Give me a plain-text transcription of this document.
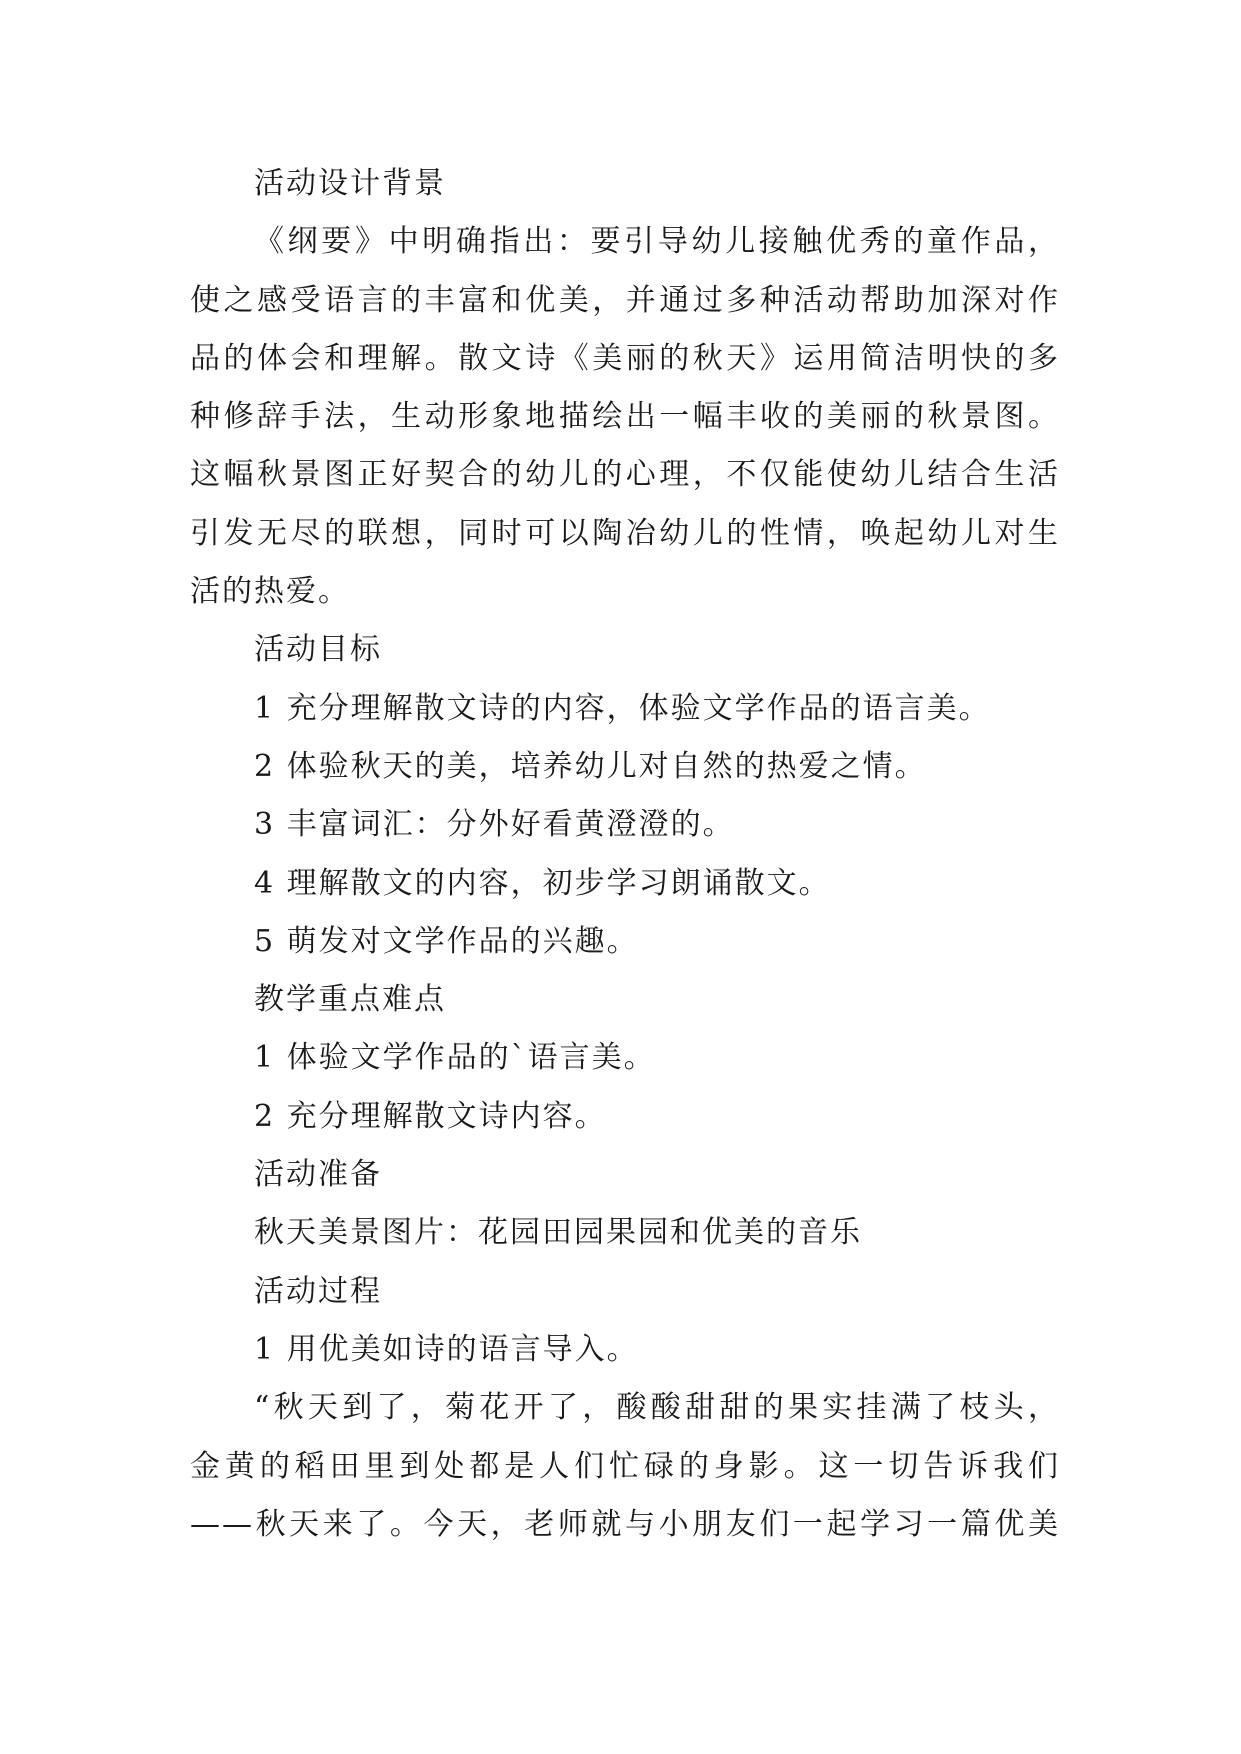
活动设计背景
《纲要》中明确指出：要引导幼儿接触优秀的童作品，
使之感受语言的丰富和优美，并通过多种活动帮助加深对作
品的体会和理解。散文诗《美丽的秋天》运用简洁明快的多
种修辞手法，生动形象地描绘出一幅丰收的美丽的秋景图。
这幅秋景图正好契合的幼儿的心理，不仅能使幼儿结合生活
引发无尽的联想，同时可以陶冶幼儿的性情，唤起幼儿对生
活的热爱。
活动目标
1 充分理解散文诗的内容，体验文学作品的语言美。
2 体验秋天的美，培养幼儿对自然的热爱之情。
3 丰富词汇：分外好看黄澄澄的。
4 理解散文的内容，初步学习朗诵散文。
5 萌发对文学作品的兴趣。
教学重点难点
1 体验文学作品的`语言美。
2 充分理解散文诗内容。
活动准备
秋天美景图片：花园田园果园和优美的音乐
活动过程
1 用优美如诗的语言导入。
“秋天到了，菊花开了，酸酸甜甜的果实挂满了枝头，
金黄的稻田里到处都是人们忙碌的身影。这一切告诉我们
——秋天来了。今天，老师就与小朋友们一起学习一篇优美
